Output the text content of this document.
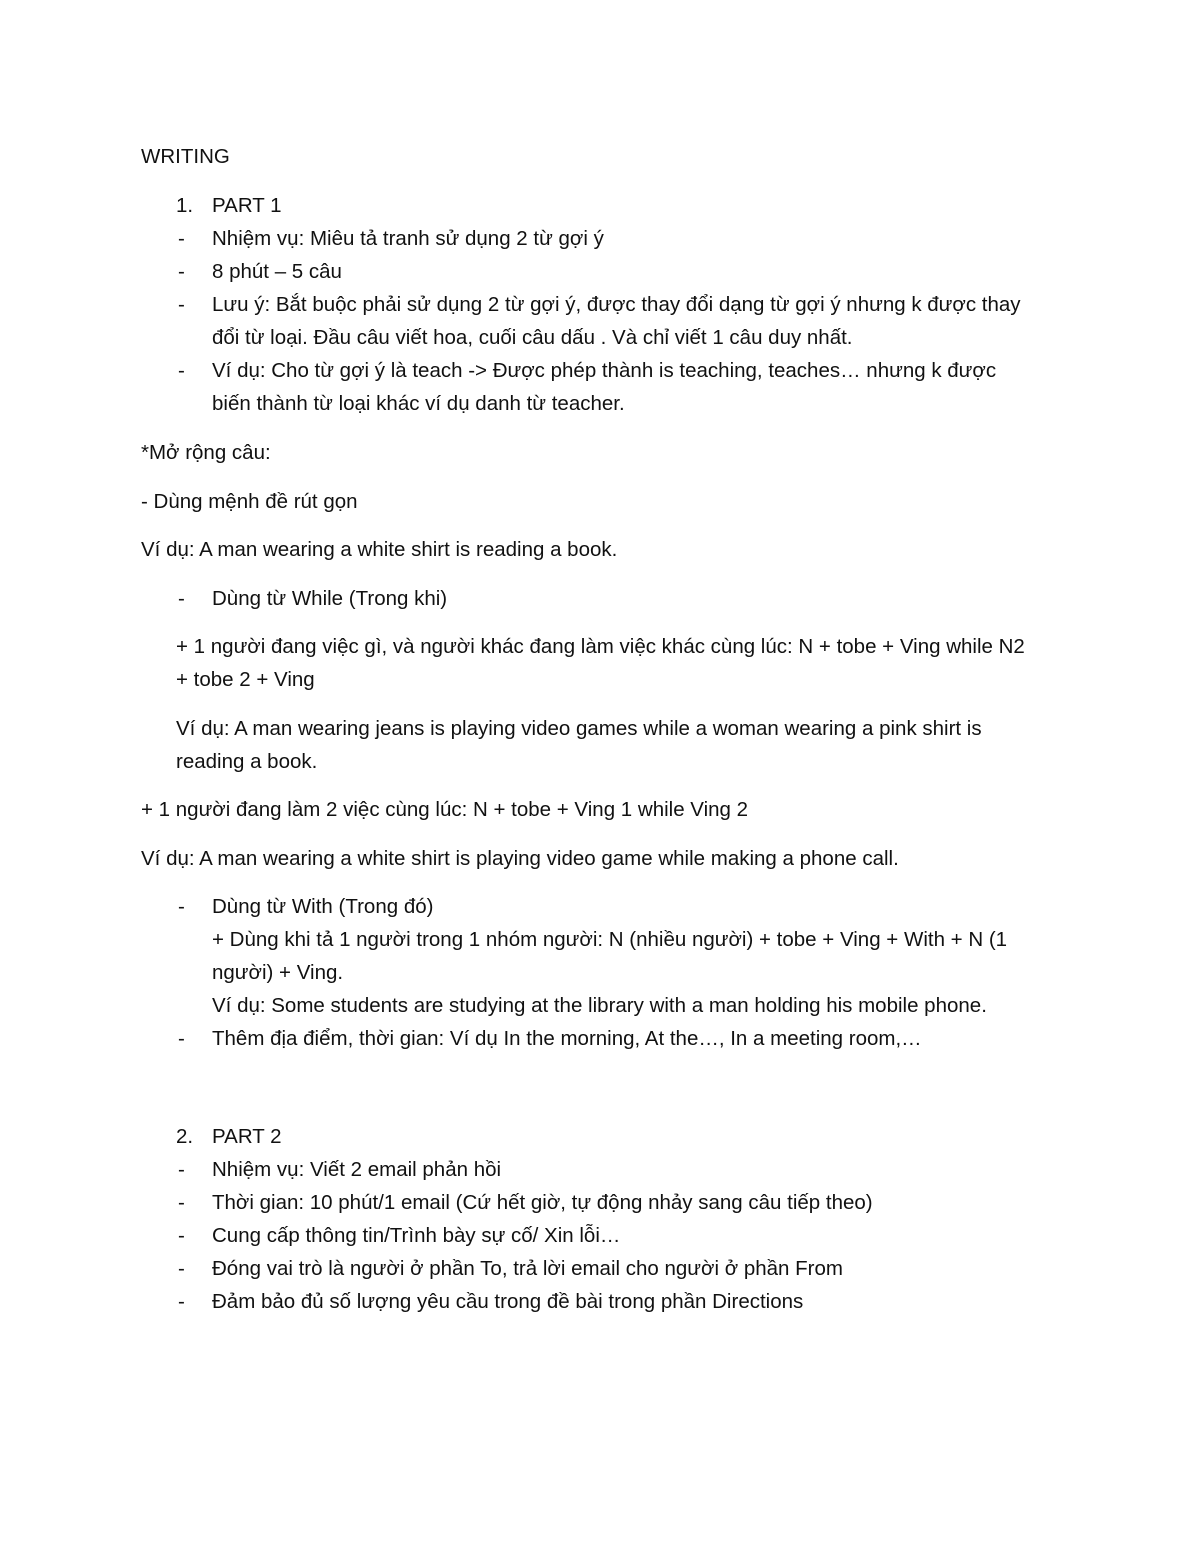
WRITING
1. PART 1
- Nhiệm vụ: Miêu tả tranh sử dụng 2 từ gợi ý
- 8 phút – 5 câu
- Lưu ý: Bắt buộc phải sử dụng 2 từ gợi ý, được thay đổi dạng từ gợi ý nhưng k được thay
đổi từ loại. Đầu câu viết hoa, cuối câu dấu . Và chỉ viết 1 câu duy nhất.
- Ví dụ: Cho từ gợi ý là teach -> Được phép thành is teaching, teaches… nhưng k được
biến thành từ loại khác ví dụ danh từ teacher.
*Mở rộng câu:
- Dùng mệnh đề rút gọn
Ví dụ: A man wearing a white shirt is reading a book.
- Dùng từ While (Trong khi)
+ 1 người đang việc gì, và người khác đang làm việc khác cùng lúc: N + tobe + Ving while N2
+ tobe 2 + Ving
Ví dụ: A man wearing jeans is playing video games while a woman wearing a pink shirt is
reading a book.
+ 1 người đang làm 2 việc cùng lúc: N + tobe + Ving 1 while Ving 2
Ví dụ: A man wearing a white shirt is playing video game while making a phone call.
- Dùng từ With (Trong đó)
+ Dùng khi tả 1 người trong 1 nhóm người: N (nhiều người) + tobe + Ving + With + N (1
người) + Ving.
Ví dụ: Some students are studying at the library with a man holding his mobile phone.
- Thêm địa điểm, thời gian: Ví dụ In the morning, At the…, In a meeting room,…
2. PART 2
- Nhiệm vụ: Viết 2 email phản hồi
- Thời gian: 10 phút/1 email (Cứ hết giờ, tự động nhảy sang câu tiếp theo)
- Cung cấp thông tin/Trình bày sự cố/ Xin lỗi…
- Đóng vai trò là người ở phần To, trả lời email cho người ở phần From
- Đảm bảo đủ số lượng yêu cầu trong đề bài trong phần Directions
